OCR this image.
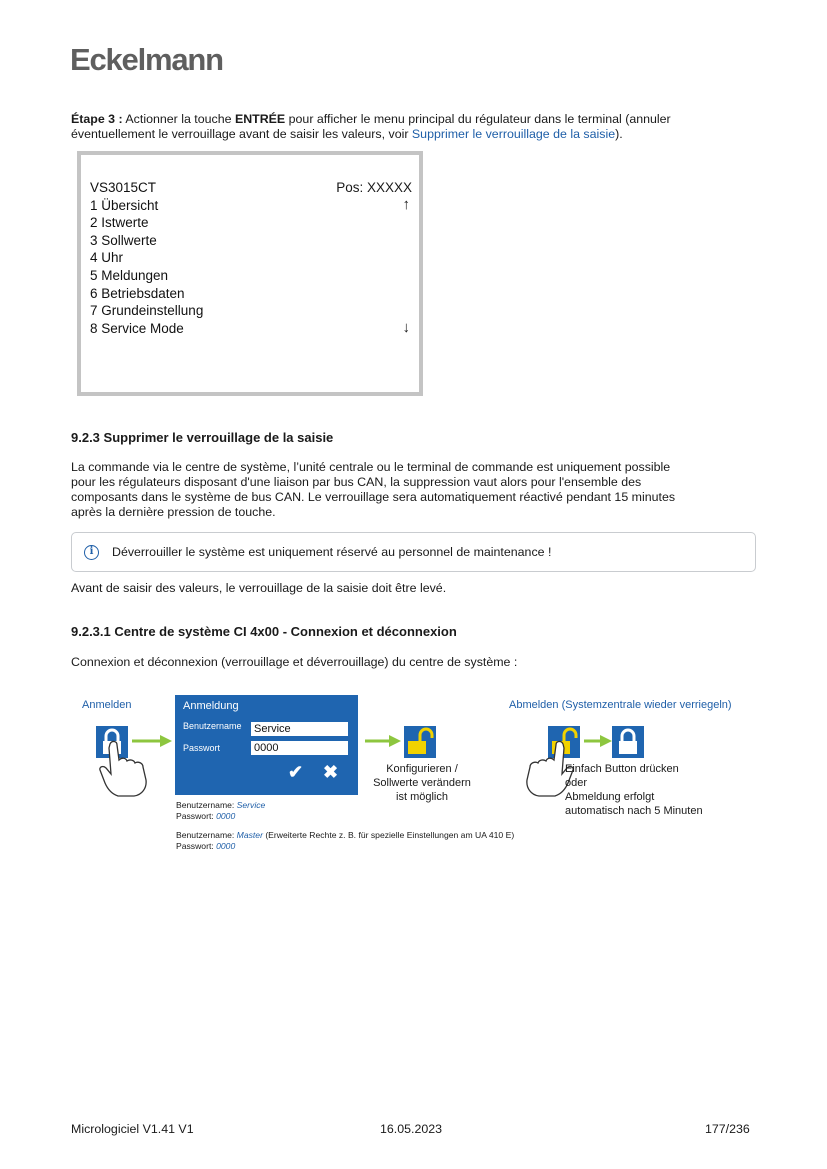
Eckelmann
Étape 3 : Actionner la touche ENTRÉE pour afficher le menu principal du régulateur dans le terminal (annuler
éventuellement le verrouillage avant de saisir les valeurs, voir Supprimer le verrouillage de la saisie).
VS3015CT	Pos: XXXXX
↑
1 Übersicht
2 Istwerte
3 Sollwerte
4 Uhr
5 Meldungen
6 Betriebsdaten
7 Grundeinstellung
8 Service Mode	↓
9.2.3 Supprimer le verrouillage de la saisie
La commande via le centre de système, l’unité centrale ou le terminal de commande est uniquement possible
pour les régulateurs disposant d'une liaison par bus CAN, la suppression vaut alors pour l'ensemble des
composants dans le système de bus CAN. Le verrouillage sera automatiquement réactivé pendant 15 minutes
après la dernière pression de touche.
i	Déverrouiller le système est uniquement réservé au personnel de maintenance !
Avant de saisir des valeurs, le verrouillage de la saisie doit être levé.
9.2.3.1 Centre de système CI 4x00 - Connexion et déconnexion
Connexion et déconnexion (verrouillage et déverrouillage) du centre de système :
Anmelden	Abmelden (Systemzentrale wieder verriegeln)
Anmeldung
Benutzername Service
Passwort	0000
✔ ✖	Konfigurieren /
Sollwerte verändern
ist möglich
Einfach Button drücken
oder
Abmeldung erfolgt
automatisch nach 5 Minuten
Benutzername: Service
Passwort: 0000
Benutzername: Master (Erweiterte Rechte z. B. für spezielle Einstellungen am UA 410 E)
Passwort: 0000
Micrologiciel V1.41 V1	16.05.2023	177/236
